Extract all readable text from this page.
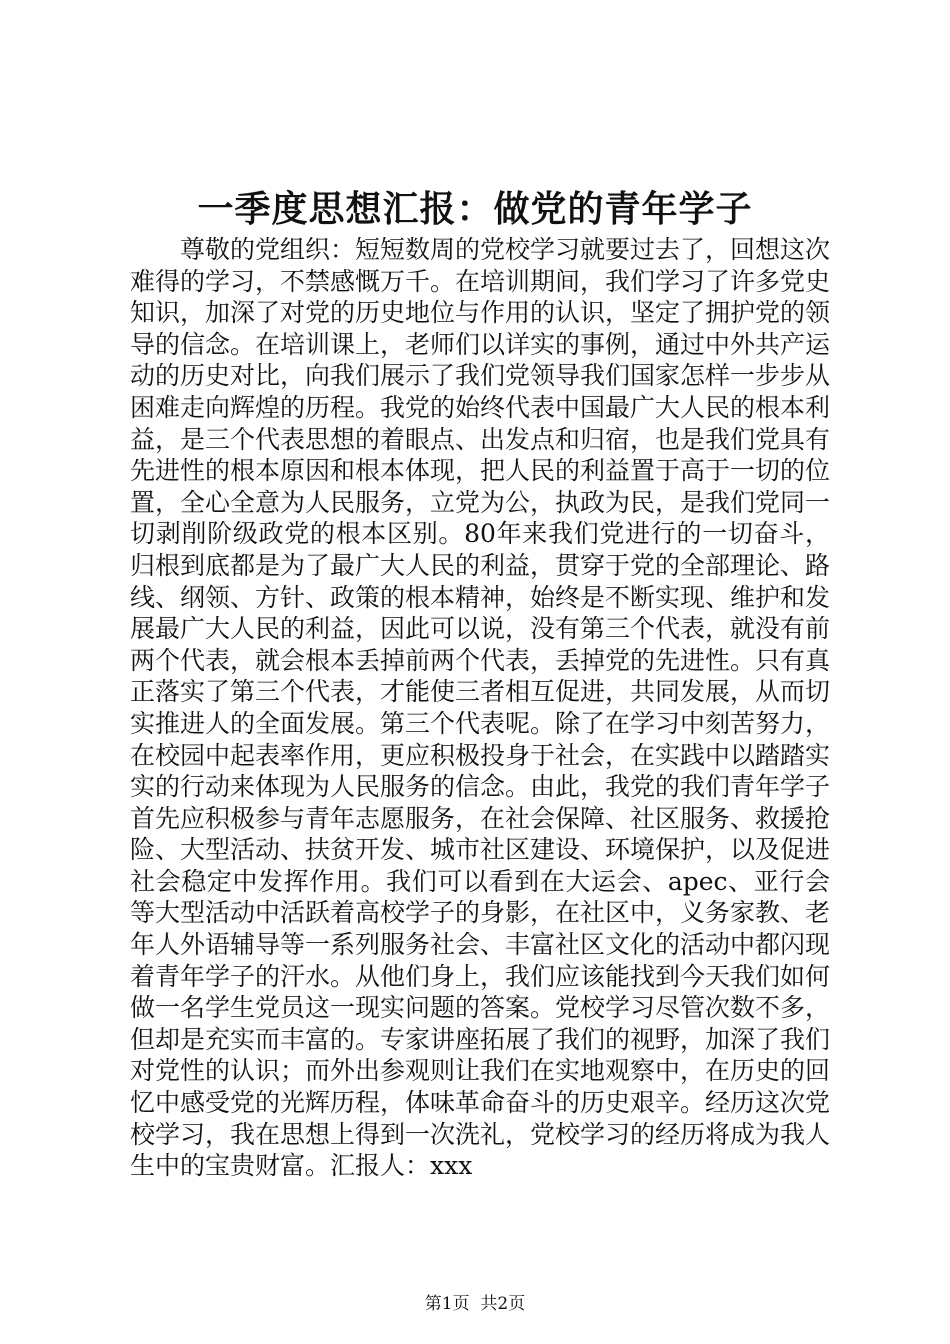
一季度思想汇报：做党的青年学子

尊敬的党组织：短短数周的党校学习就要过去了，回想这次难得的学习，不禁感慨万千。在培训期间，我们学习了许多党史知识，加深了对党的历史地位与作用的认识，坚定了拥护党的领导的信念。在培训课上，老师们以详实的事例，通过中外共产运动的历史对比，向我们展示了我们党领导我们国家怎样一步步从困难走向辉煌的历程。我党的始终代表中国最广大人民的根本利益，是三个代表思想的着眼点、出发点和归宿，也是我们党具有先进性的根本原因和根本体现，把人民的利益置于高于一切的位置，全心全意为人民服务，立党为公，执政为民，是我们党同一切剥削阶级政党的根本区别。80年来我们党进行的一切奋斗，归根到底都是为了最广大人民的利益，贯穿于党的全部理论、路线、纲领、方针、政策的根本精神，始终是不断实现、维护和发展最广大人民的利益，因此可以说，没有第三个代表，就没有前两个代表，就会根本丢掉前两个代表，丢掉党的先进性。只有真正落实了第三个代表，才能使三者相互促进，共同发展，从而切实推进人的全面发展。第三个代表呢。除了在学习中刻苦努力，在校园中起表率作用，更应积极投身于社会，在实践中以踏踏实实的行动来体现为人民服务的信念。由此，我党的我们青年学子首先应积极参与青年志愿服务，在社会保障、社区服务、救援抢险、大型活动、扶贫开发、城市社区建设、环境保护，以及促进社会稳定中发挥作用。我们可以看到在大运会、apec、亚行会等大型活动中活跃着高校学子的身影，在社区中，义务家教、老年人外语辅导等一系列服务社会、丰富社区文化的活动中都闪现着青年学子的汗水。从他们身上，我们应该能找到今天我们如何做一名学生党员这一现实问题的答案。党校学习尽管次数不多，但却是充实而丰富的。专家讲座拓展了我们的视野，加深了我们对党性的认识；而外出参观则让我们在实地观察中，在历史的回忆中感受党的光辉历程，体味革命奋斗的历史艰辛。经历这次党校学习，我在思想上得到一次洗礼，党校学习的经历将成为我人生中的宝贵财富。汇报人：xxx

第1页 共2页
